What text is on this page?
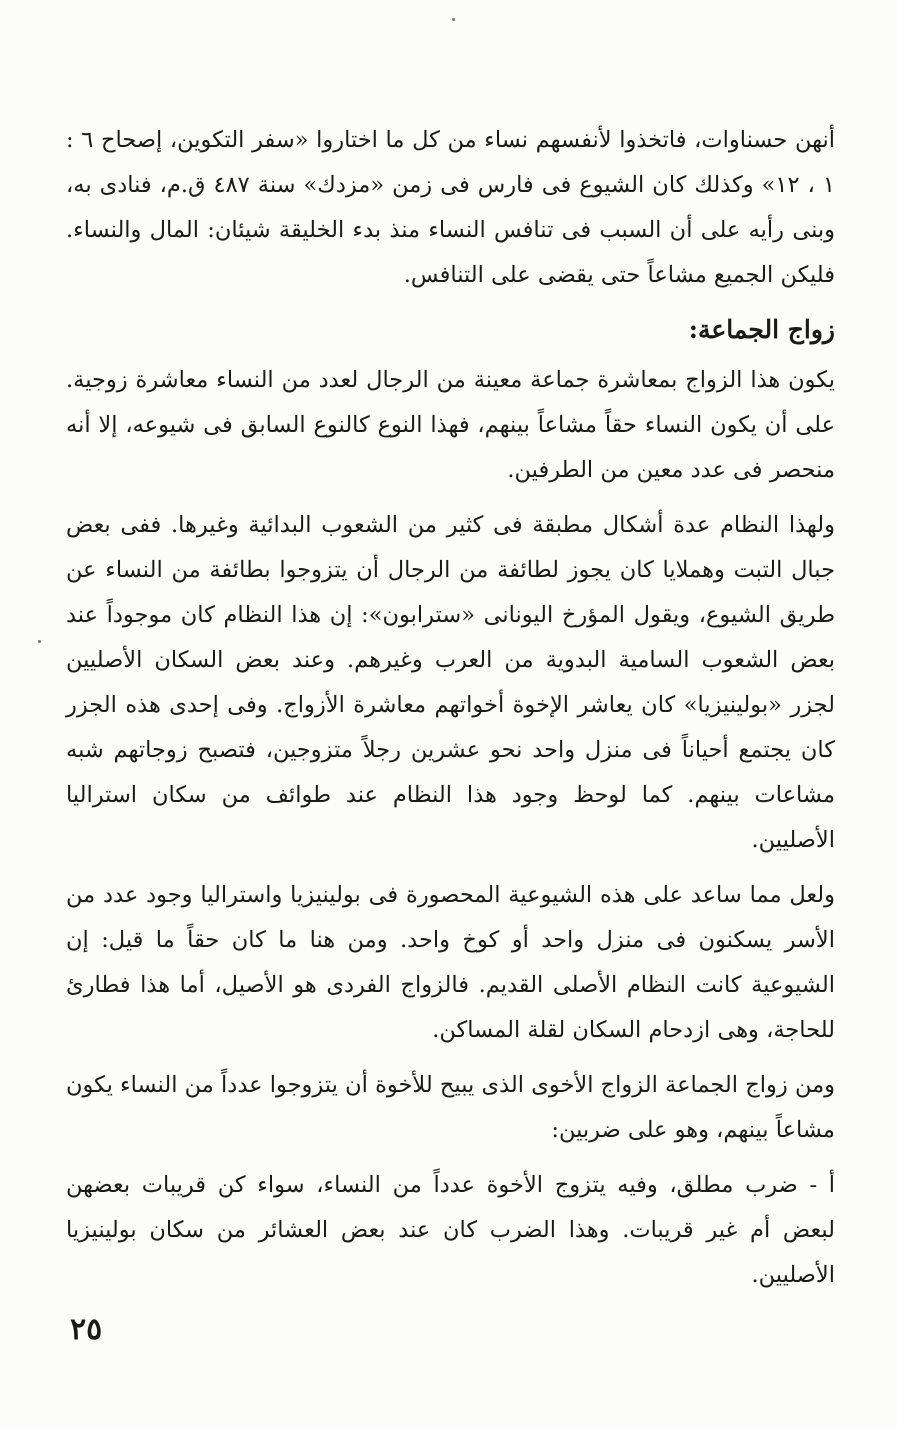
أنهن حسناوات، فاتخذوا لأنفسهم نساء من كل ما اختاروا «سفر التكوين، إصحاح ٦ : ١ ، ١٢» وكذلك كان الشيوع فى فارس فى زمن «مزدك» سنة ٤٨٧ ق.م، فنادى به، وبنى رأيه على أن السبب فى تنافس النساء منذ بدء الخليقة شيئان: المال والنساء. فليكن الجميع مشاعاً حتى يقضى على التنافس.

زواج الجماعة:

يكون هذا الزواج بمعاشرة جماعة معينة من الرجال لعدد من النساء معاشرة زوجية. على أن يكون النساء حقاً مشاعاً بينهم، فهذا النوع كالنوع السابق فى شيوعه، إلا أنه منحصر فى عدد معين من الطرفين.

ولهذا النظام عدة أشكال مطبقة فى كثير من الشعوب البدائية وغيرها. ففى بعض جبال التبت وهملايا كان يجوز لطائفة من الرجال أن يتزوجوا بطائفة من النساء عن طريق الشيوع، ويقول المؤرخ اليونانى «سترابون»: إن هذا النظام كان موجوداً عند بعض الشعوب السامية البدوية من العرب وغيرهم. وعند بعض السكان الأصليين لجزر «بولينيزيا» كان يعاشر الإخوة أخواتهم معاشرة الأزواج. وفى إحدى هذه الجزر كان يجتمع أحياناً فى منزل واحد نحو عشرين رجلاً متزوجين، فتصبح زوجاتهم شبه مشاعات بينهم. كما لوحظ وجود هذا النظام عند طوائف من سكان استراليا الأصليين.

ولعل مما ساعد على هذه الشيوعية المحصورة فى بولينيزيا واستراليا وجود عدد من الأسر يسكنون فى منزل واحد أو كوخ واحد. ومن هنا ما كان حقاً ما قيل: إن الشيوعية كانت النظام الأصلى القديم. فالزواج الفردى هو الأصيل، أما هذا فطارئ للحاجة، وهى ازدحام السكان لقلة المساكن.

ومن زواج الجماعة الزواج الأخوى الذى يبيح للأخوة أن يتزوجوا عدداً من النساء يكون مشاعاً بينهم، وهو على ضربين:

أ - ضرب مطلق، وفيه يتزوج الأخوة عدداً من النساء، سواء كن قريبات بعضهن لبعض أم غير قريبات. وهذا الضرب كان عند بعض العشائر من سكان بولينيزيا الأصليين.

٢٥
